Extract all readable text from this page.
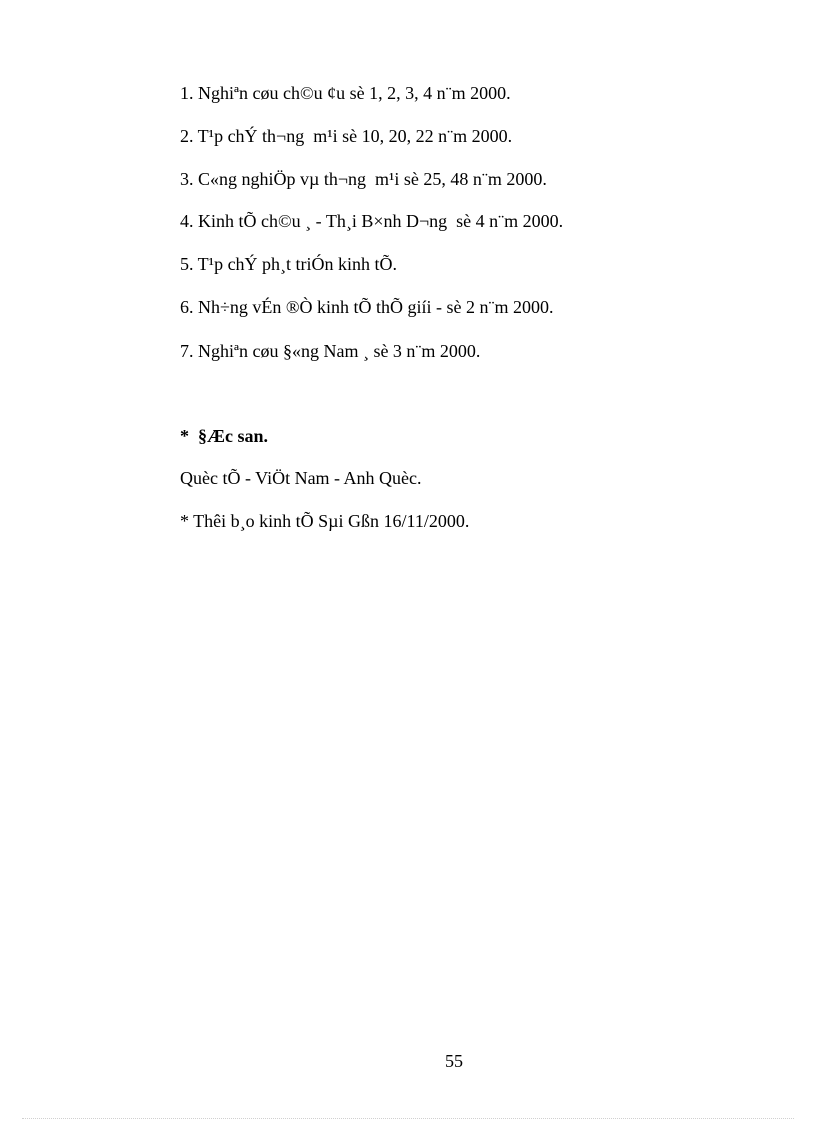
1. Nghiªn cøu ch©u ¢u sè 1, 2, 3, 4 n¨m 2000.
2. T¹p chÝ th¬ng  m¹i sè 10, 20, 22 n¨m 2000.
3. C«ng nghiÖp vµ th¬ng  m¹i sè 25, 48 n¨m 2000.
4. Kinh tÕ ch©u ¸ - Th¸i B×nh D¬ng  sè 4 n¨m 2000.
5. T¹p chÝ ph¸t triÓn kinh tÕ.
6. Nh÷ng vÉn ®Ò kinh tÕ thÕ giíi - sè 2 n¨m 2000.
7. Nghiªn cøu §«ng Nam ¸ sè 3 n¨m 2000.
*  §Æc san.
Quèc tÕ - ViÖt Nam - Anh Quèc.
* Thêi b¸o kinh tÕ Sµi Gßn 16/11/2000.
55
